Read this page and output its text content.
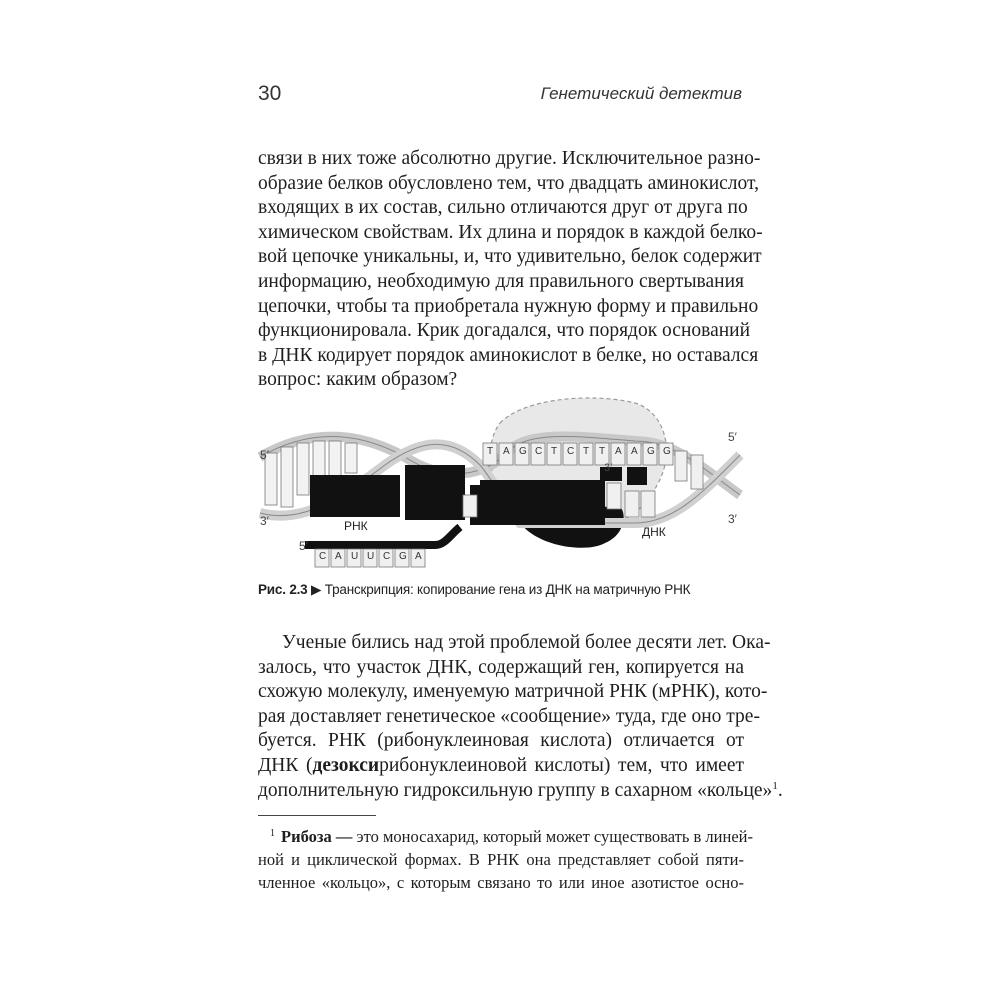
30	Генетический детектив
связи в них тоже абсолютно другие. Исключительное разно-
образие белков обусловлено тем, что двадцать аминокислот,
входящих в их состав, сильно отличаются друг от друга по
химическом свойствам. Их длина и порядок в каждой белко-
вой цепочке уникальны, и, что удивительно, белок содержит
информацию, необходимую для правильного свертывания
цепочки, чтобы та приобретала нужную форму и правильно
функционировала. Крик догадался, что порядок оснований
в ДНК кодирует порядок аминокислот в белке, но оставался
вопрос: каким образом?
5′
3′
5′
3′
РНК
5′
3′
ДНК
T A G C T C T T A A G G
C A U U C G A
Рис. 2.3 ▶ Транскрипция: копирование гена из ДНК на матричную РНК
Ученые бились над этой проблемой более десяти лет. Ока-
залось, что участок ДНК, содержащий ген, копируется на
схожую молекулу, именуемую матричной РНК (мРНК), кото-
рая доставляет генетическое «сообщение» туда, где оно тре-
буется. РНК (рибонуклеиновая кислота) отличается от
ДНК (дезоксирибонуклеиновой кислоты) тем, что имеет
дополнительную гидроксильную группу в сахарном «кольце»$^1$.
$^1$ Рибоза — это моносахарид, который может существовать в линей-
ной и циклической формах. В РНК она представляет собой пяти-
членное «кольцо», с которым связано то или иное азотистое осно-
